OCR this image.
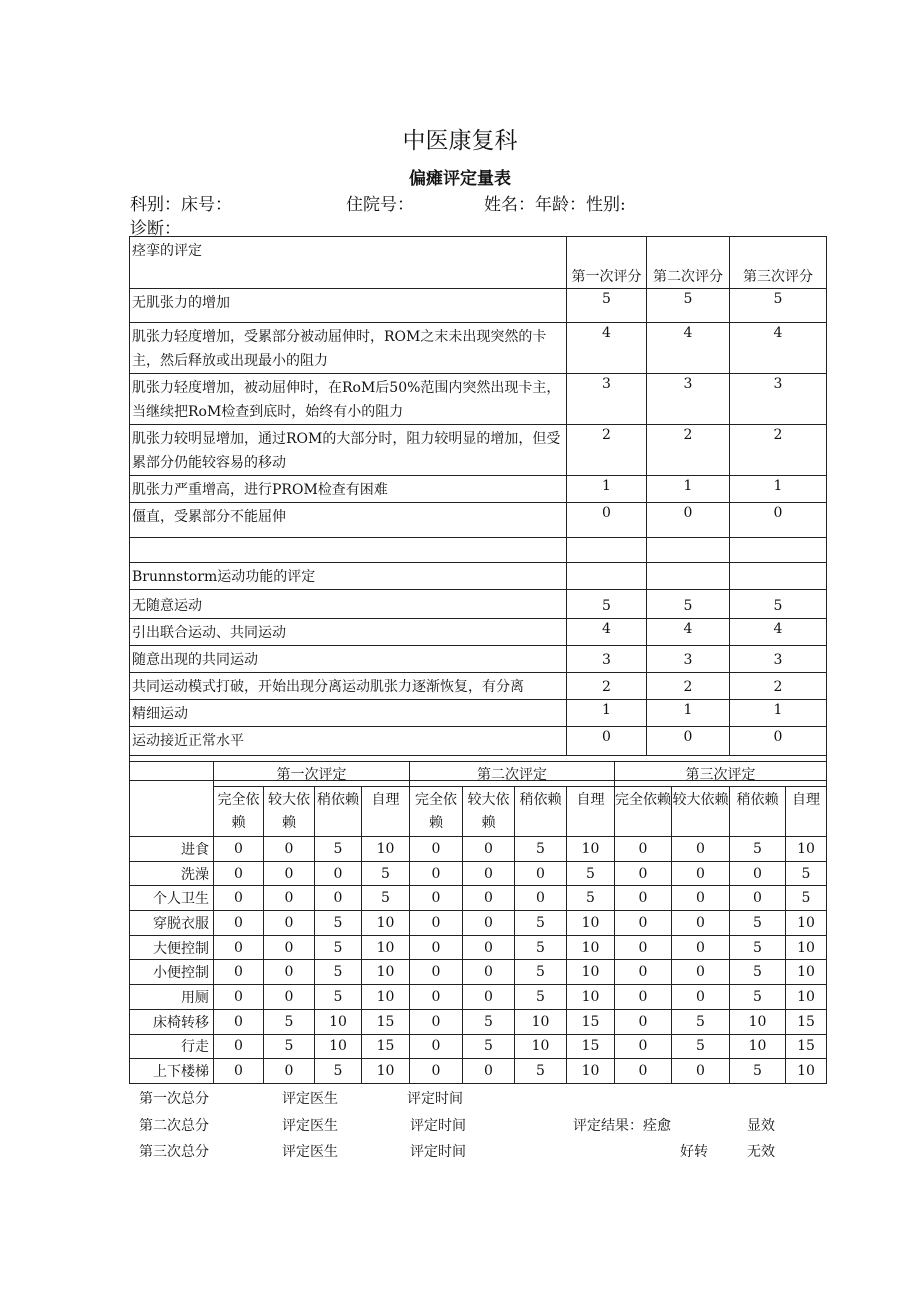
中医康复科
偏瘫评定量表
科别：床号：	住院号：	姓名：年龄：性别:
诊断：
痉挛的评定	第一次评分	第二次评分	第三次评分
无肌张力的增加	5	5	5
肌张力轻度增加，受累部分被动屈伸时，ROM之末未出现突然的卡主，然后释放或出现最小的阻力	4	4	4
肌张力轻度增加，被动屈伸时，在RoM后50%范围内突然出现卡主，当继续把RoM检查到底时，始终有小的阻力	3	3	3
肌张力较明显增加，通过ROM的大部分时，阻力较明显的增加，但受累部分仍能较容易的移动	2	2	2
肌张力严重增高，进行PROM检查有困难	1	1	1
僵直，受累部分不能屈伸	0	0	0

Brunnstorm运动功能的评定			
无随意运动	5	5	5
引出联合运动、共同运动	4	4	4
随意出现的共同运动	3	3	3
共同运动模式打破，开始出现分离运动肌张力逐渐恢复，有分离	2	2	2
精细运动	1	1	1
运动接近正常水平	0	0	0

	第一次评定				第二次评定				第三次评定			
	完全依赖	较大依赖	稍依赖	自理	完全依赖	较大依赖	稍依赖	自理	完全依赖	较大依赖	稍依赖	自理
进食	0	0	5	10	0	0	5	10	0	0	5	10
洗澡	0	0	0	5	0	0	0	5	0	0	0	5
个人卫生	0	0	0	5	0	0	0	5	0	0	0	5
穿脱衣服	0	0	5	10	0	0	5	10	0	0	5	10
大便控制	0	0	5	10	0	0	5	10	0	0	5	10
小便控制	0	0	5	10	0	0	5	10	0	0	5	10
用厕	0	0	5	10	0	0	5	10	0	0	5	10
床椅转移	0	5	10	15	0	5	10	15	0	5	10	15
行走	0	5	10	15	0	5	10	15	0	5	10	15
上下楼梯	0	0	5	10	0	0	5	10	0	0	5	10
第一次总分	评定医生	评定时间
第二次总分	评定医生	评定时间	评定结果：痊愈	显效
第三次总分	评定医生	评定时间	好转	无效
